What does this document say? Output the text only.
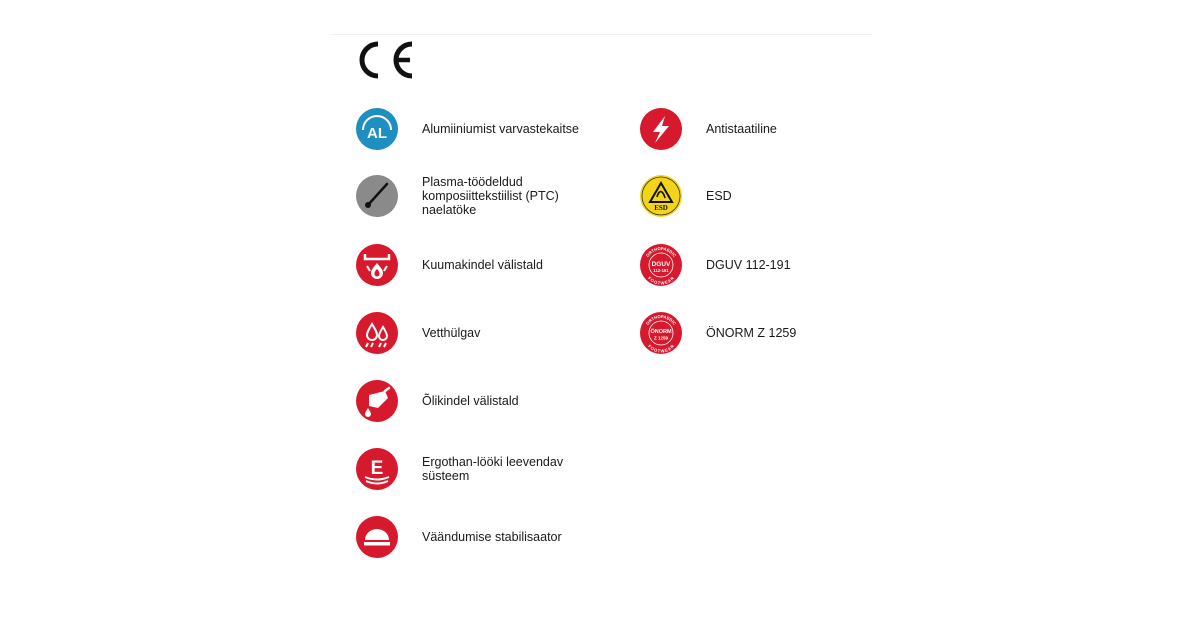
AL	Alumiiniumist varvastekaitse
Plasma-töödeldud
komposiittekstiilist (PTC)
naelatöke
Kuumakindel välistald
Vetthülgav
Õlikindel välistald
E	Ergothan-lööki leevendav
süsteem
Väändumise stabilisaator
Antistaatiline
ESD
ESD
ORTHOPAEDIC
FOOTWEAR
DGUV
112-191	DGUV 112-191
ORTHOPAEDIC
FOOTWEAR
ÖNORM
Z 1259	ÖNORM Z 1259
